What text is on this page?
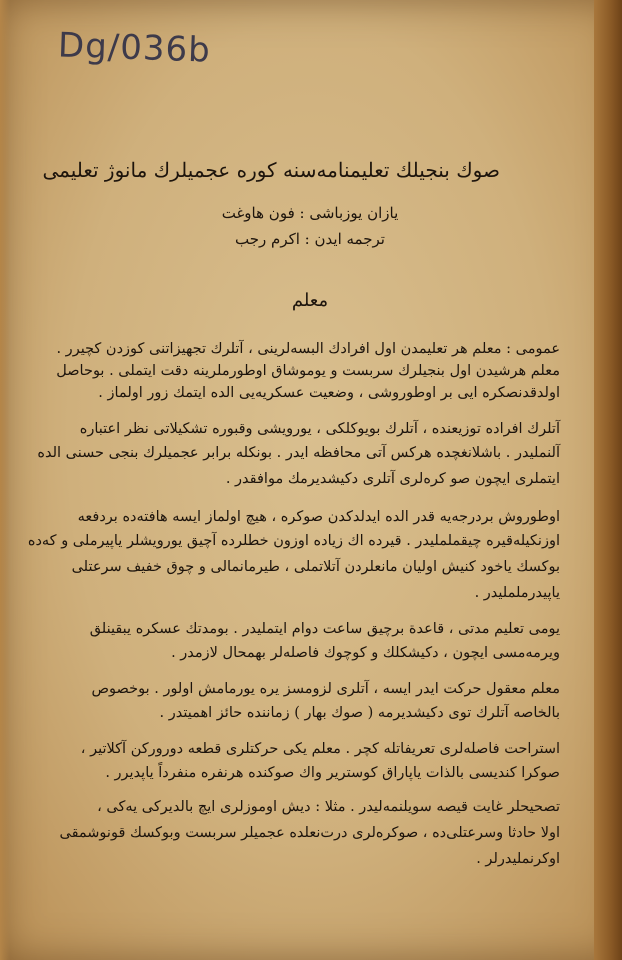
Dg/036b
صوك بنجيلك تعليمنامه‌سنه كوره عجميلرك مانوژ تعليمى
يازان يوزباشى : فون هاوغت
ترجمه ايدن : اكرم رجب
معلم
عمومى : معلم هر تعليمدن اول افرادك البسه‌لرينى ، آتلرك تجهيزاتنى كوزدن كچيرر .
معلم هرشيدن اول بنجيلرك سربست و يوموشاق اوطورملرينه دقت ايتملى . بوحاصل
اولدقدنصكره ايى بر اوطوروشى ، وضعيت عسكريه‌يى الده ايتمك زور اولماز .
آتلرك افراده توزيعنده ، آتلرك بويوكلكى ، يورويشى وقبوره تشكيلاتى نظر اعتباره
آلنمليدر . باشلانغچده هركس آتى محافظه ايدر . بونكله برابر عجميلرك بنجى حسنى الده
ايتملرى ايچون صو كره‌لرى آتلرى دكيشديرمك موافقدر .
اوطوروش بردرجه‌يه قدر الده ايدلدكدن صوكره ، هيچ اولماز ايسه هافته‌ده بردفعه
اوزنكيله‌قيره چيقململيدر . قيرده اك زياده اوزون خطلرده آچيق يورويشلر ياپيرملى و كه‌ده
بوكسك ياخود كنيش اوليان مانعلردن آتلاتملى ، طيرمانمالى و چوق خفيف سرعتلى
ياپيدرململيدر .
يومى تعليم مدتى ، قاعدة برچيق ساعت دوام ايتمليدر . بومدتك عسكره يبقينلق
ويرمه‌مسى ايچون ، دكيشكلك و كوچوك فاصله‌لر بهمحال لازمدر .
معلم معقول حركت ايدر ايسه ، آتلرى لزومسز يره يورمامش اولور . بوخصوص
بالخاصه آتلرك توى دكيشديرمه ( صوك بهار ) زماننده حائز اهميتدر .
استراحت فاصله‌لرى تعريفاتله كچر . معلم يكى حركتلرى قطعه دوروركن آكلاتير ،
صوكرا كنديسى بالذات ياپاراق كوسترير واك صوكنده هرنفره منفرداً ياپديرر .
تصحيحلر غايت قيصه سويلنمه‌ليدر . مثلا : ديش اوموزلرى ايچ بالديركى يه‌كى ،
اولا حادثا وسرعتلى‌ده ، صوكره‌لرى درت‌نعلده عجميلر سربست وبوكسك قونوشمقى
اوكرنمليدرلر .
